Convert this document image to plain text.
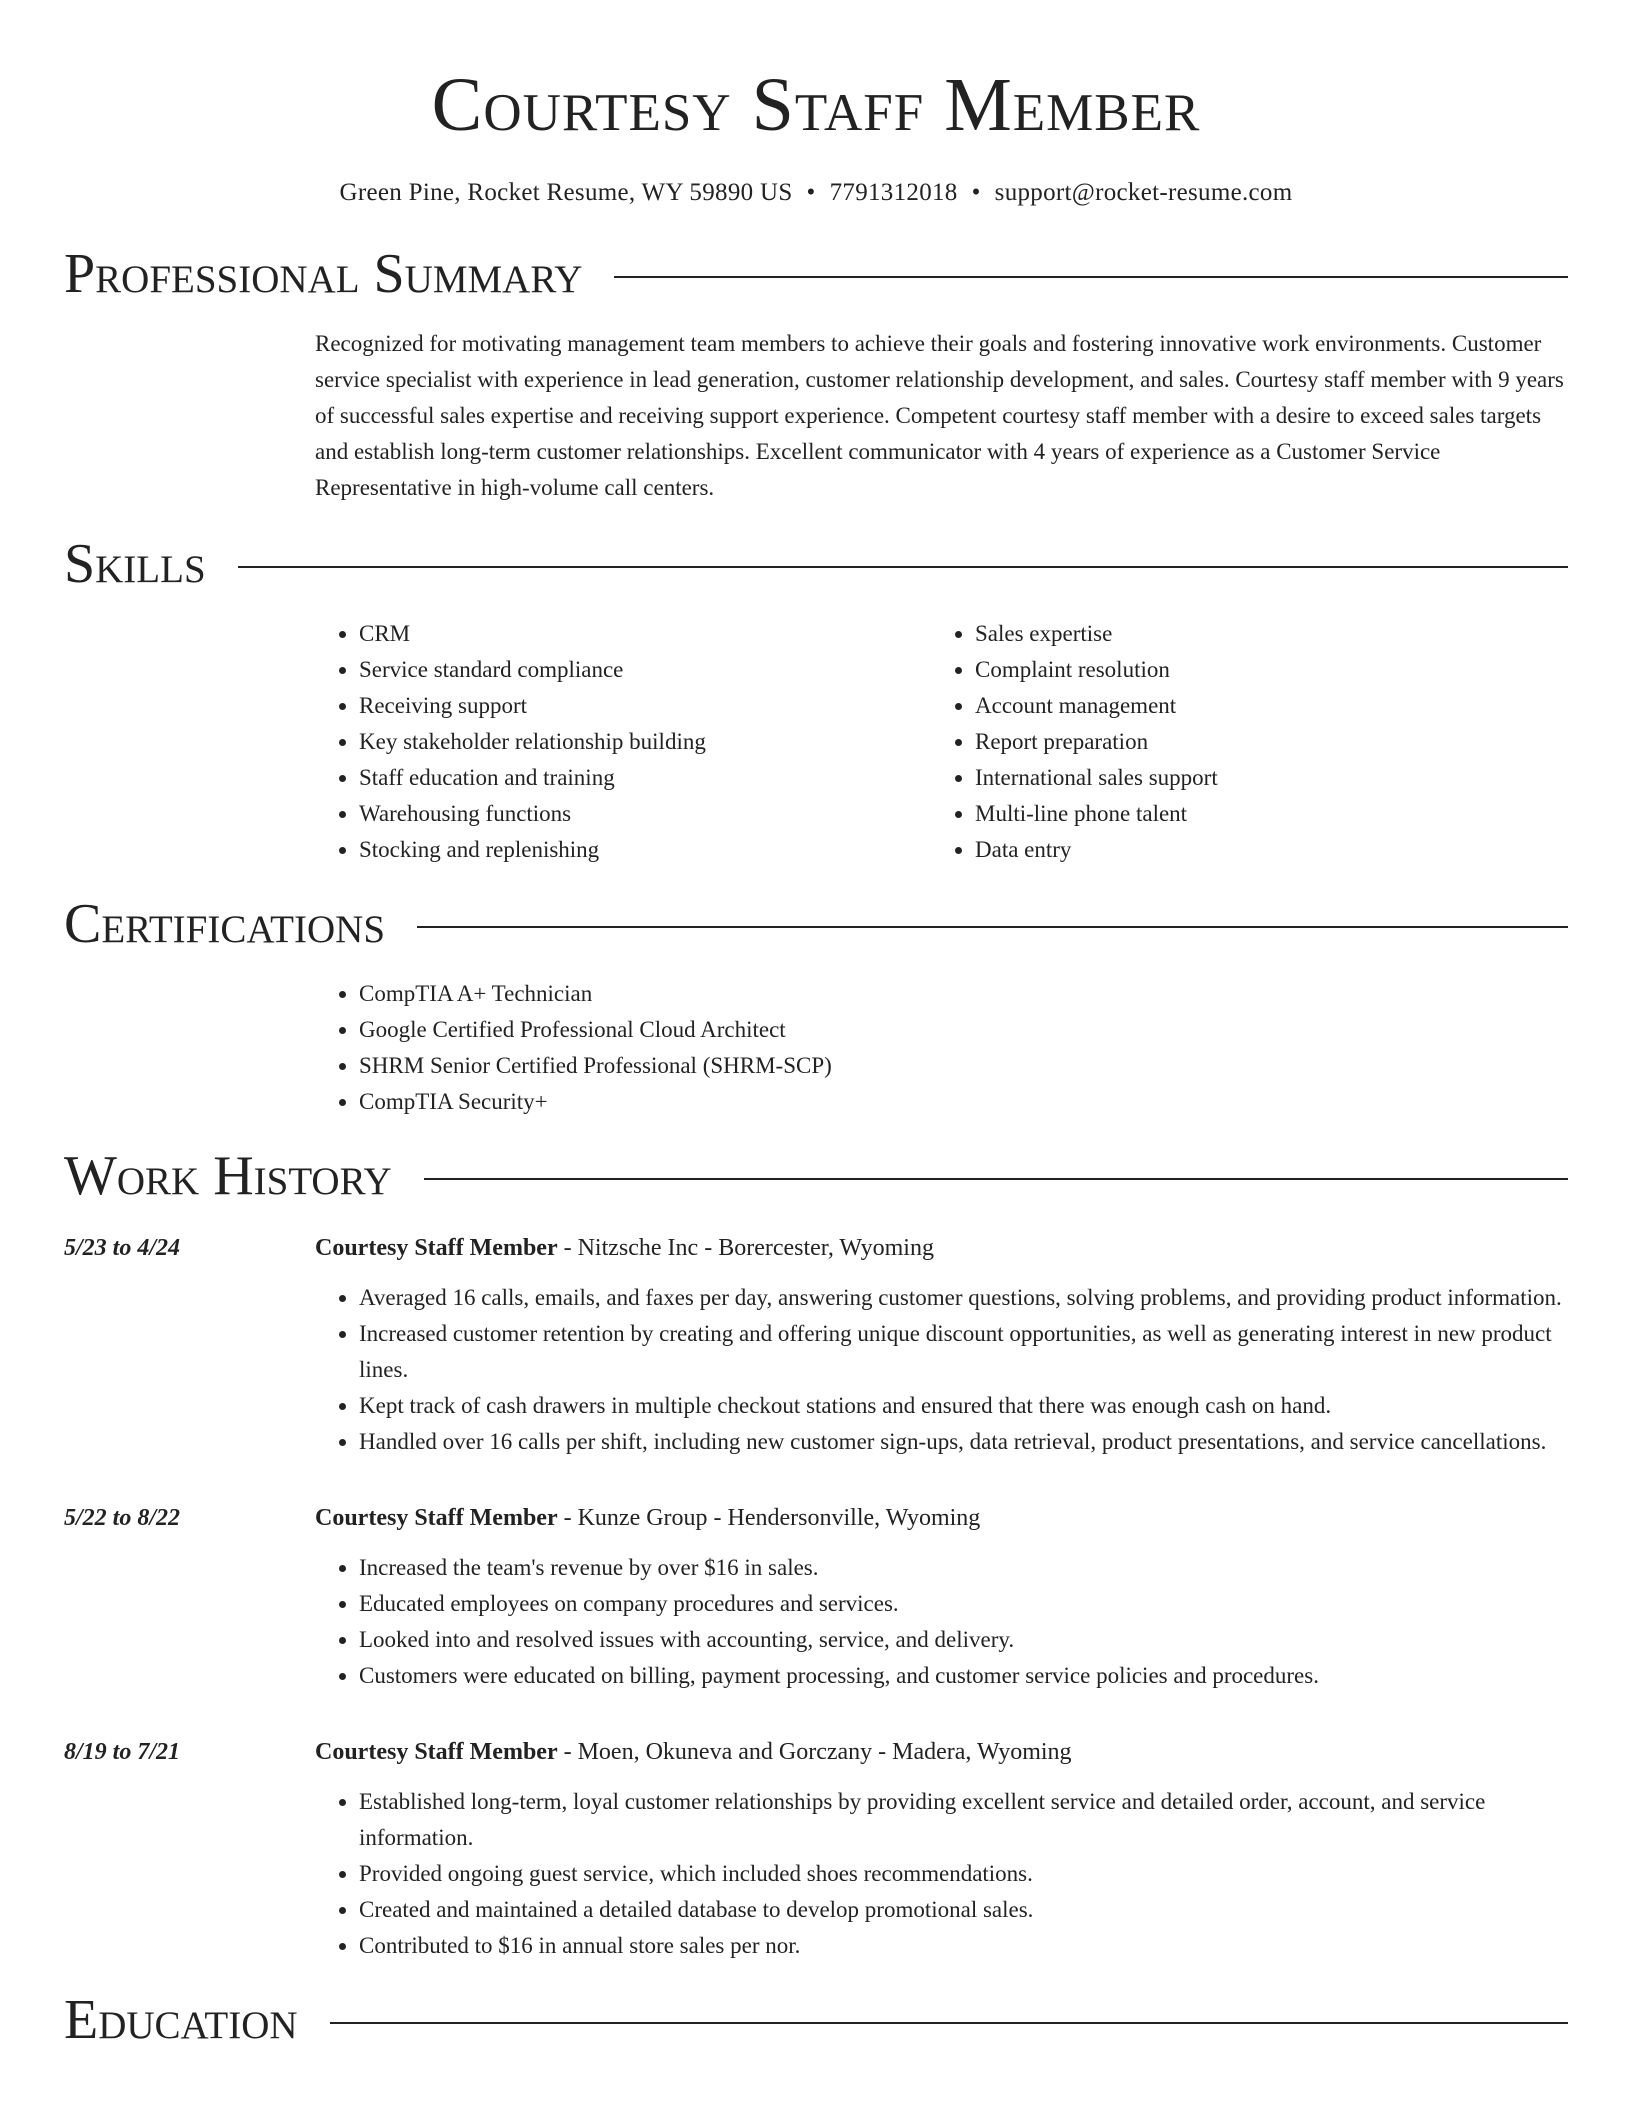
Courtesy Staff Member
Green Pine, Rocket Resume, WY 59890 US • 7791312018 • support@rocket-resume.com
Professional Summary
Recognized for motivating management team members to achieve their goals and fostering innovative work environments. Customer service specialist with experience in lead generation, customer relationship development, and sales. Courtesy staff member with 9 years of successful sales expertise and receiving support experience. Competent courtesy staff member with a desire to exceed sales targets and establish long-term customer relationships. Excellent communicator with 4 years of experience as a Customer Service Representative in high-volume call centers.
Skills
• CRM
• Service standard compliance
• Receiving support
• Key stakeholder relationship building
• Staff education and training
• Warehousing functions
• Stocking and replenishing
• Sales expertise
• Complaint resolution
• Account management
• Report preparation
• International sales support
• Multi-line phone talent
• Data entry
Certifications
• CompTIA A+ Technician
• Google Certified Professional Cloud Architect
• SHRM Senior Certified Professional (SHRM-SCP)
• CompTIA Security+
Work History
5/23 to 4/24	Courtesy Staff Member - Nitzsche Inc - Borercester, Wyoming
• Averaged 16 calls, emails, and faxes per day, answering customer questions, solving problems, and providing product information.
• Increased customer retention by creating and offering unique discount opportunities, as well as generating interest in new product lines.
• Kept track of cash drawers in multiple checkout stations and ensured that there was enough cash on hand.
• Handled over 16 calls per shift, including new customer sign-ups, data retrieval, product presentations, and service cancellations.
5/22 to 8/22	Courtesy Staff Member - Kunze Group - Hendersonville, Wyoming
• Increased the team's revenue by over $16 in sales.
• Educated employees on company procedures and services.
• Looked into and resolved issues with accounting, service, and delivery.
• Customers were educated on billing, payment processing, and customer service policies and procedures.
8/19 to 7/21	Courtesy Staff Member - Moen, Okuneva and Gorczany - Madera, Wyoming
• Established long-term, loyal customer relationships by providing excellent service and detailed order, account, and service information.
• Provided ongoing guest service, which included shoes recommendations.
• Created and maintained a detailed database to develop promotional sales.
• Contributed to $16 in annual store sales per nor.
Education
